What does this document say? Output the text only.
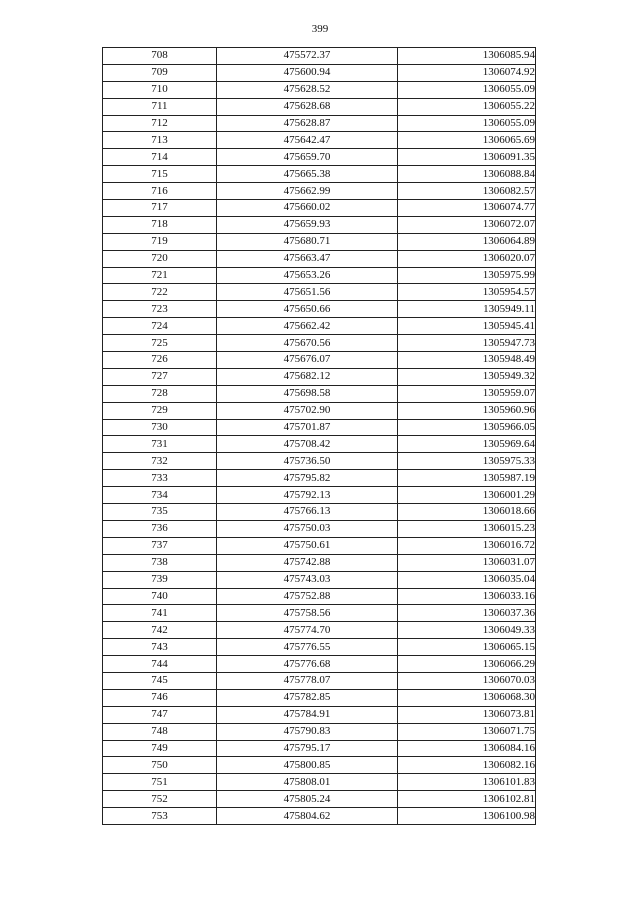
399
708	475572.37	1306085.94
709	475600.94	1306074.92
710	475628.52	1306055.09
711	475628.68	1306055.22
712	475628.87	1306055.09
713	475642.47	1306065.69
714	475659.70	1306091.35
715	475665.38	1306088.84
716	475662.99	1306082.57
717	475660.02	1306074.77
718	475659.93	1306072.07
719	475680.71	1306064.89
720	475663.47	1306020.07
721	475653.26	1305975.99
722	475651.56	1305954.57
723	475650.66	1305949.11
724	475662.42	1305945.41
725	475670.56	1305947.73
726	475676.07	1305948.49
727	475682.12	1305949.32
728	475698.58	1305959.07
729	475702.90	1305960.96
730	475701.87	1305966.05
731	475708.42	1305969.64
732	475736.50	1305975.33
733	475795.82	1305987.19
734	475792.13	1306001.29
735	475766.13	1306018.66
736	475750.03	1306015.23
737	475750.61	1306016.72
738	475742.88	1306031.07
739	475743.03	1306035.04
740	475752.88	1306033.16
741	475758.56	1306037.36
742	475774.70	1306049.33
743	475776.55	1306065.15
744	475776.68	1306066.29
745	475778.07	1306070.03
746	475782.85	1306068.30
747	475784.91	1306073.81
748	475790.83	1306071.75
749	475795.17	1306084.16
750	475800.85	1306082.16
751	475808.01	1306101.83
752	475805.24	1306102.81
753	475804.62	1306100.98
